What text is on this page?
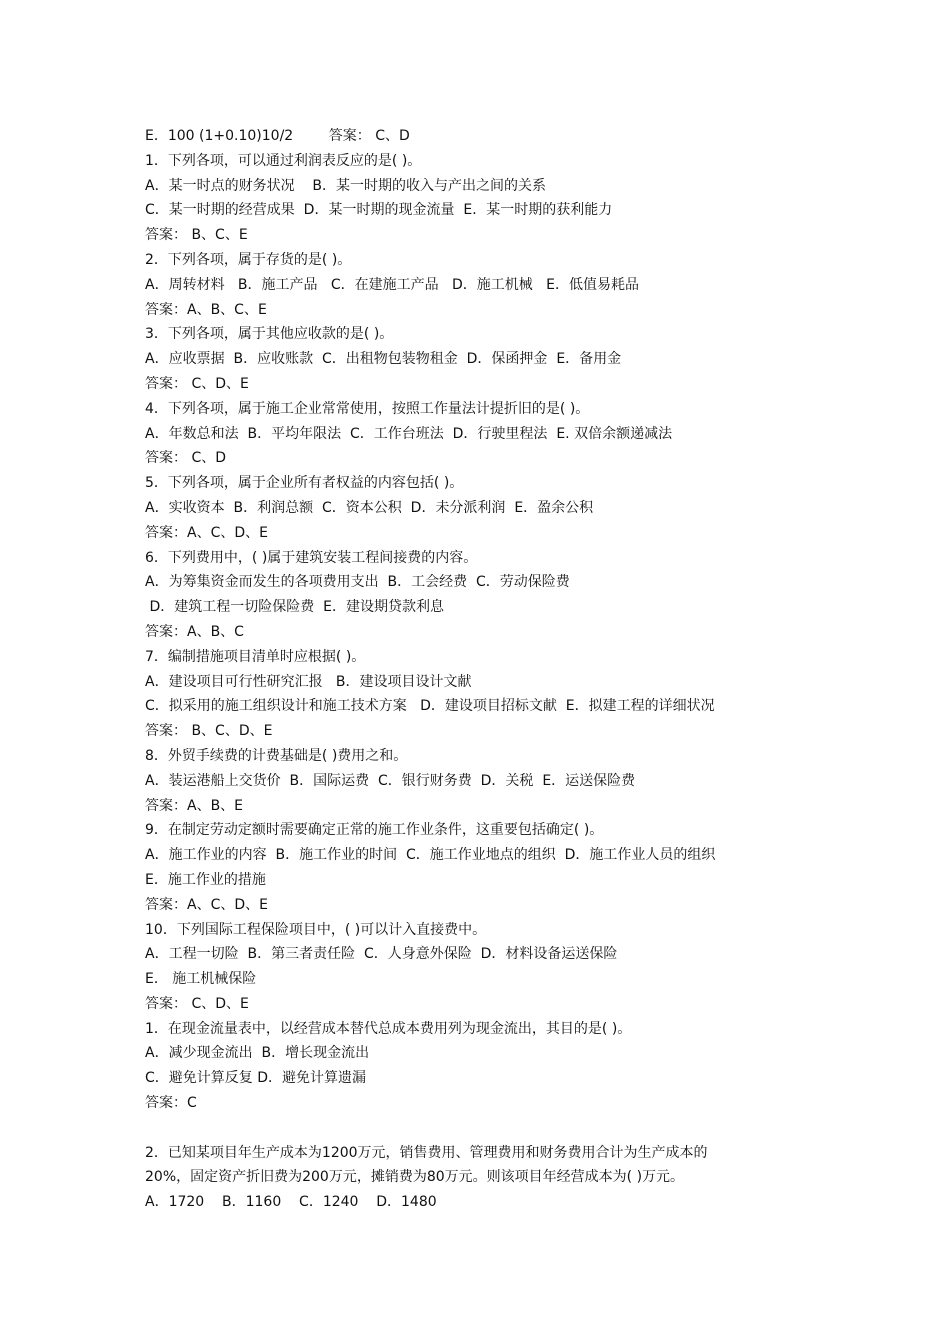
E．100 (1+0.10)10/2        答案： C、D
1．下列各项，可以通过利润表反应的是( )。
A．某一时点的财务状况    B．某一时期的收入与产出之间的关系
C．某一时期的经营成果  D．某一时期的现金流量  E．某一时期的获利能力
答案： B、C、E
2．下列各项，属于存货的是( )。
A．周转材料   B．施工产品   C．在建施工产品   D．施工机械   E．低值易耗品
答案：A、B、C、E
3．下列各项，属于其他应收款的是( )。
A．应收票据  B．应收账款  C．出租物包装物租金  D．保函押金  E．备用金
答案： C、D、E
4．下列各项，属于施工企业常常使用，按照工作量法计提折旧的是( )。
A．年数总和法  B．平均年限法  C．工作台班法  D．行驶里程法  E. 双倍余额递减法
答案： C、D
5．下列各项，属于企业所有者权益的内容包括( )。
A．实收资本  B．利润总额  C．资本公积  D．未分派利润  E．盈余公积
答案：A、C、D、E
6．下列费用中，( )属于建筑安装工程间接费的内容。
A．为筹集资金而发生的各项费用支出  B．工会经费  C．劳动保险费
D．建筑工程一切险保险费  E．建设期贷款利息
答案：A、B、C
7．编制措施项目清单时应根据( )。
A．建设项目可行性研究汇报   B．建设项目设计文献
C．拟采用的施工组织设计和施工技术方案   D．建设项目招标文献  E．拟建工程的详细状况
答案： B、C、D、E
8．外贸手续费的计费基础是( )费用之和。
A．装运港船上交货价  B．国际运费  C．银行财务费  D．关税  E．运送保险费
答案：A、B、E
9．在制定劳动定额时需要确定正常的施工作业条件，这重要包括确定( )。
A．施工作业的内容  B．施工作业的时间  C．施工作业地点的组织  D．施工作业人员的组织
E．施工作业的措施
答案：A、C、D、E
10．下列国际工程保险项目中，( )可以计入直接费中。
A．工程一切险  B．第三者责任险  C．人身意外保险  D．材料设备运送保险
E． 施工机械保险
答案： C、D、E
1．在现金流量表中，以经营成本替代总成本费用列为现金流出，其目的是( )。
A．减少现金流出  B．增长现金流出
C．避免计算反复 D．避免计算遗漏
答案：C
2．已知某项目年生产成本为1200万元，销售费用、管理费用和财务费用合计为生产成本的
20%，固定资产折旧费为200万元，摊销费为80万元。则该项目年经营成本为( )万元。
A．1720    B．1160    C．1240    D．1480
